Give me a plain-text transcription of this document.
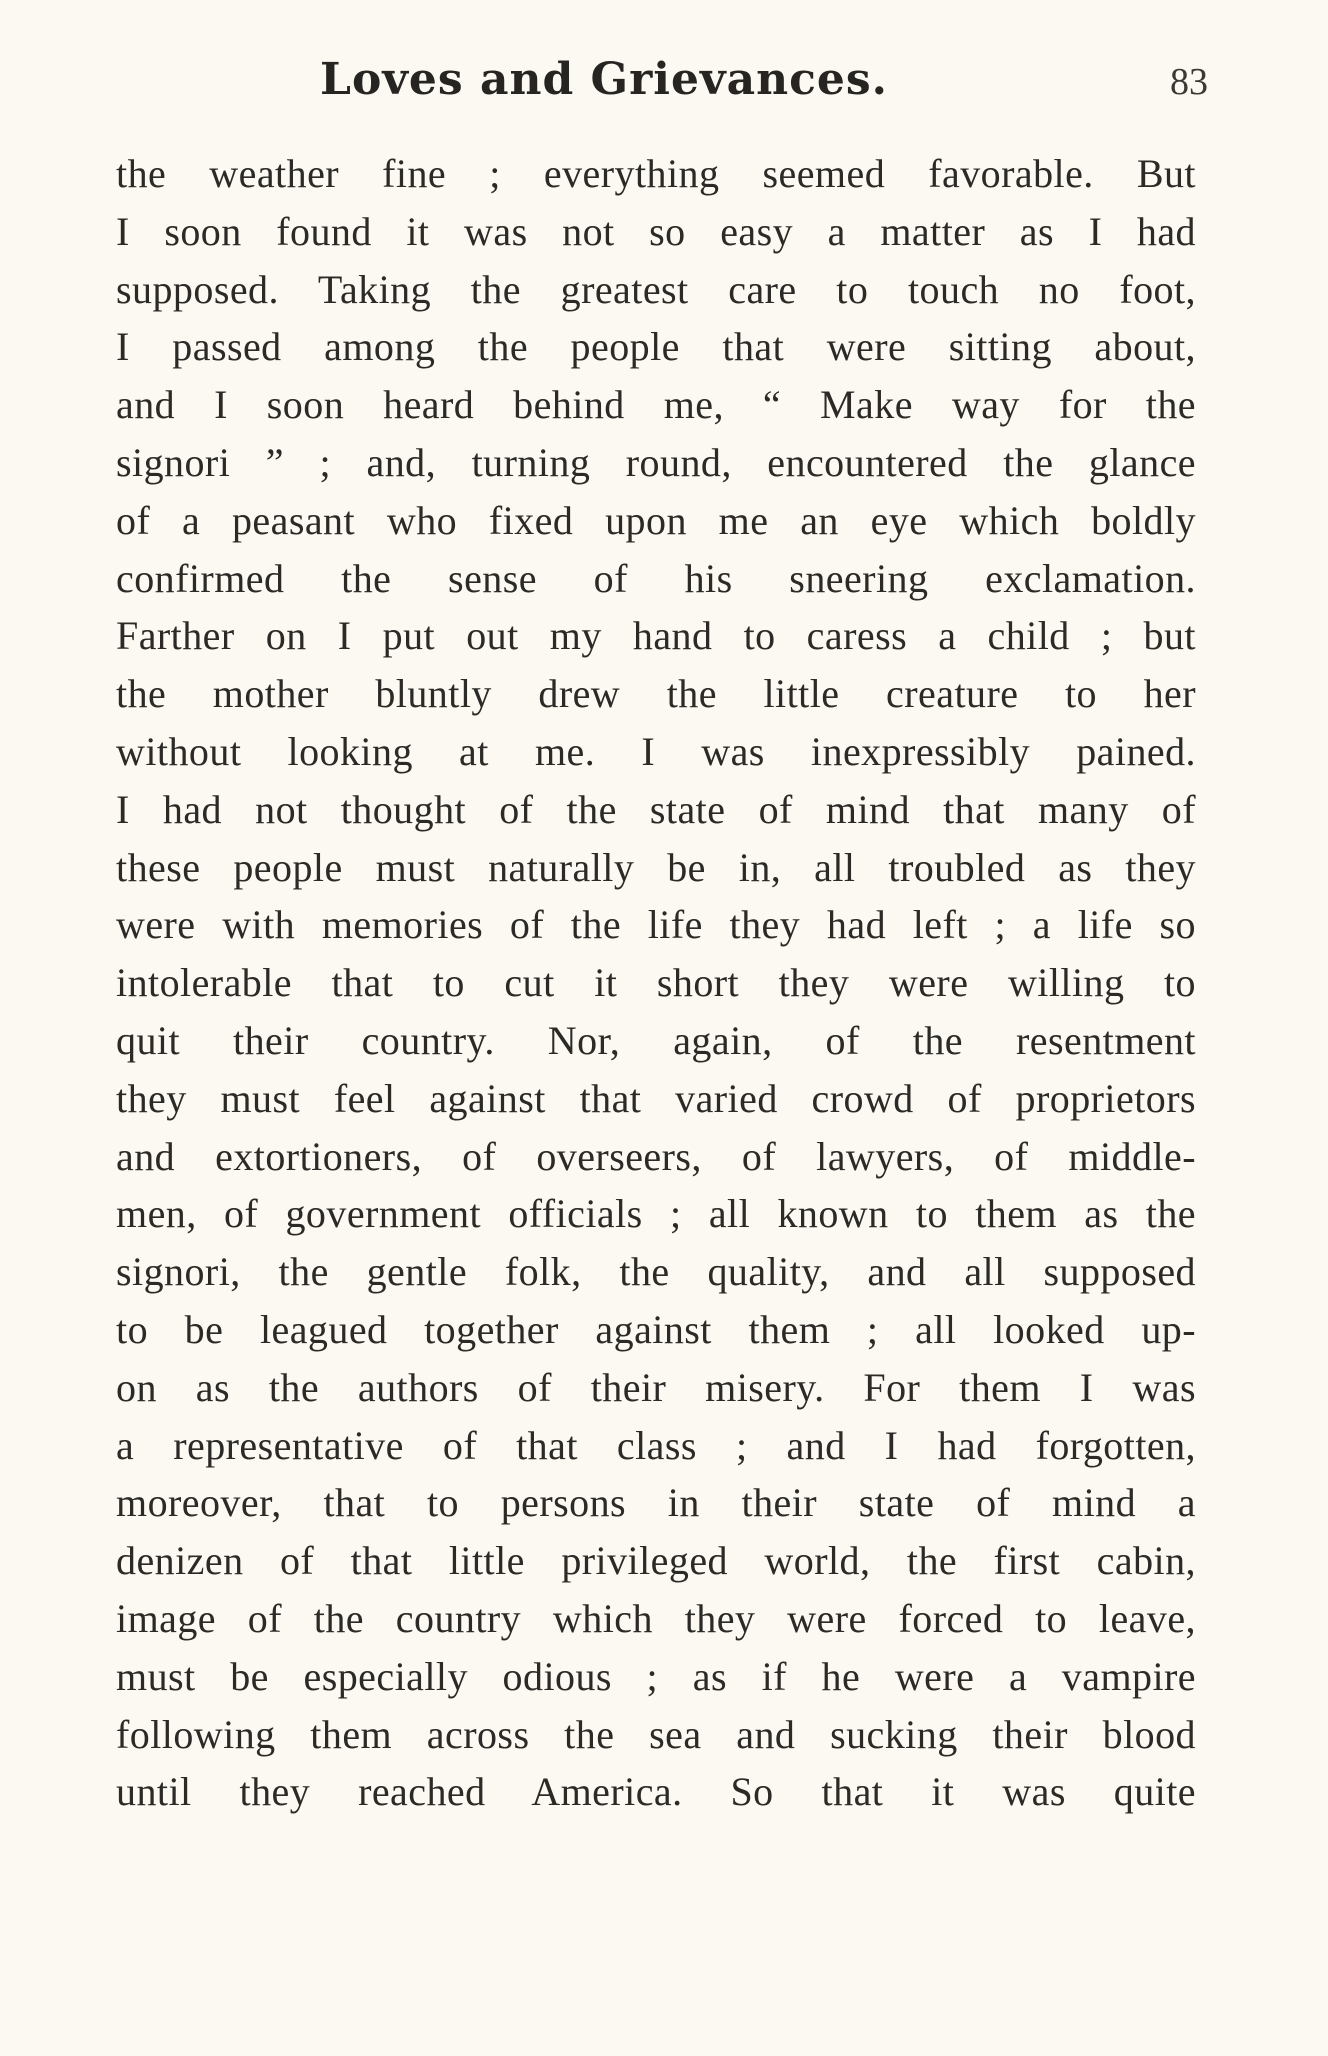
Loves and Grievances.	83
the weather fine ; everything seemed favorable. But
I soon found it was not so easy a matter as I had
supposed. Taking the greatest care to touch no foot,
I passed among the people that were sitting about,
and I soon heard behind me, “ Make way for the
signori ” ; and, turning round, encountered the glance
of a peasant who fixed upon me an eye which boldly
confirmed the sense of his sneering exclamation.
Farther on I put out my hand to caress a child ; but
the mother bluntly drew the little creature to her
without looking at me. I was inexpressibly pained.
I had not thought of the state of mind that many of
these people must naturally be in, all troubled as they
were with memories of the life they had left ; a life so
intolerable that to cut it short they were willing to
quit their country. Nor, again, of the resentment
they must feel against that varied crowd of proprietors
and extortioners, of overseers, of lawyers, of middle-
men, of government officials ; all known to them as the
signori, the gentle folk, the quality, and all supposed
to be leagued together against them ; all looked up-
on as the authors of their misery. For them I was
a representative of that class ; and I had forgotten,
moreover, that to persons in their state of mind a
denizen of that little privileged world, the first cabin,
image of the country which they were forced to leave,
must be especially odious ; as if he were a vampire
following them across the sea and sucking their blood
until they reached America. So that it was quite
